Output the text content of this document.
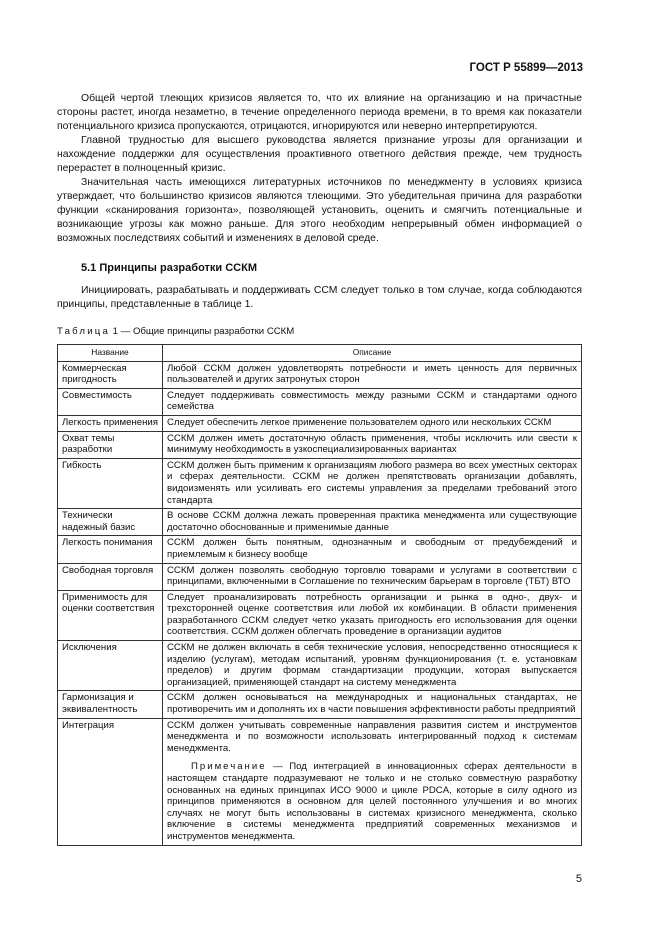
ГОСТ Р 55899—2013

Общей чертой тлеющих кризисов является то, что их влияние на организацию и на причастные стороны растет, иногда незаметно, в течение определенного периода времени, в то время как показатели потенциального кризиса пропускаются, отрицаются, игнорируются или неверно интерпретируются.

Главной трудностью для высшего руководства является признание угрозы для организации и нахождение поддержки для осуществления проактивного ответного действия прежде, чем трудность перерастет в полноценный кризис.

Значительная часть имеющихся литературных источников по менеджменту в условиях кризиса утверждает, что большинство кризисов являются тлеющими. Это убедительная причина для разработки функции «сканирования горизонта», позволяющей установить, оценить и смягчить потенциальные и возникающие угрозы как можно раньше. Для этого необходим непрерывный обмен информацией о возможных последствиях событий и изменениях в деловой среде.

5.1 Принципы разработки ССКМ

Инициировать, разрабатывать и поддерживать ССМ следует только в том случае, когда соблюдаются принципы, представленные в таблице 1.

Таблица 1 — Общие принципы разработки ССКМ
Название	Описание
Коммерческая пригодность	Любой ССКМ должен удовлетворять потребности и иметь ценность для первичных пользователей и других затронутых сторон
Совместимость	Следует поддерживать совместимость между разными ССКМ и стандартами одного семейства
Легкость применения	Следует обеспечить легкое применение пользователем одного или нескольких ССКМ
Охват темы разработки	ССКМ должен иметь достаточную область применения, чтобы исключить или свести к минимуму необходимость в узкоспециализированных вариантах
Гибкость	ССКМ должен быть применим к организациям любого размера во всех уместных секторах и сферах деятельности. ССКМ не должен препятствовать организации добавлять, видоизменять или усиливать его системы управления за пределами требований этого стандарта
Технически надежный базис	В основе ССКМ должна лежать проверенная практика менеджмента или существующие достаточно обоснованные и применимые данные
Легкость понимания	ССКМ должен быть понятным, однозначным и свободным от предубеждений и приемлемым к бизнесу вообще
Свободная торговля	ССКМ должен позволять свободную торговлю товарами и услугами в соответствии с принципами, включенными в Соглашение по техническим барьерам в торговле (ТБТ) ВТО
Применимость для оценки соответствия	Следует проанализировать потребность организации и рынка в одно-, двух- и трехсторонней оценке соответствия или любой их комбинации. В области применения разработанного ССКМ следует четко указать пригодность его использования для оценки соответствия. ССКМ должен облегчать проведение в организации аудитов
Исключения	ССКМ не должен включать в себя технические условия, непосредственно относящиеся к изделию (услугам), методам испытаний, уровням функционирования (т. е. установкам пределов) и другим формам стандартизации продукции, которая выпускается организацией, применяющей стандарт на систему менеджмента
Гармонизация и эквивалентность	ССКМ должен основываться на международных и национальных стандартах, не противоречить им и дополнять их в части повышения эффективности работы предприятий
Интеграция	ССКМ должен учитывать современные направления развития систем и инструментов менеджмента и по возможности использовать интегрированный подход к системам менеджмента.
Примечание — Под интеграцией в инновационных сферах деятельности в настоящем стандарте подразумевают не только и не столько совместную разработку основанных на единых принципах ИСО 9000 и цикле PDCA, которые в силу одного из принципов применяются в основном для целей постоянного улучшения и во многих случаях не могут быть использованы в системах кризисного менеджмента, сколько включение в системы менеджмента предприятий современных механизмов и инструментов менеджмента.
5
